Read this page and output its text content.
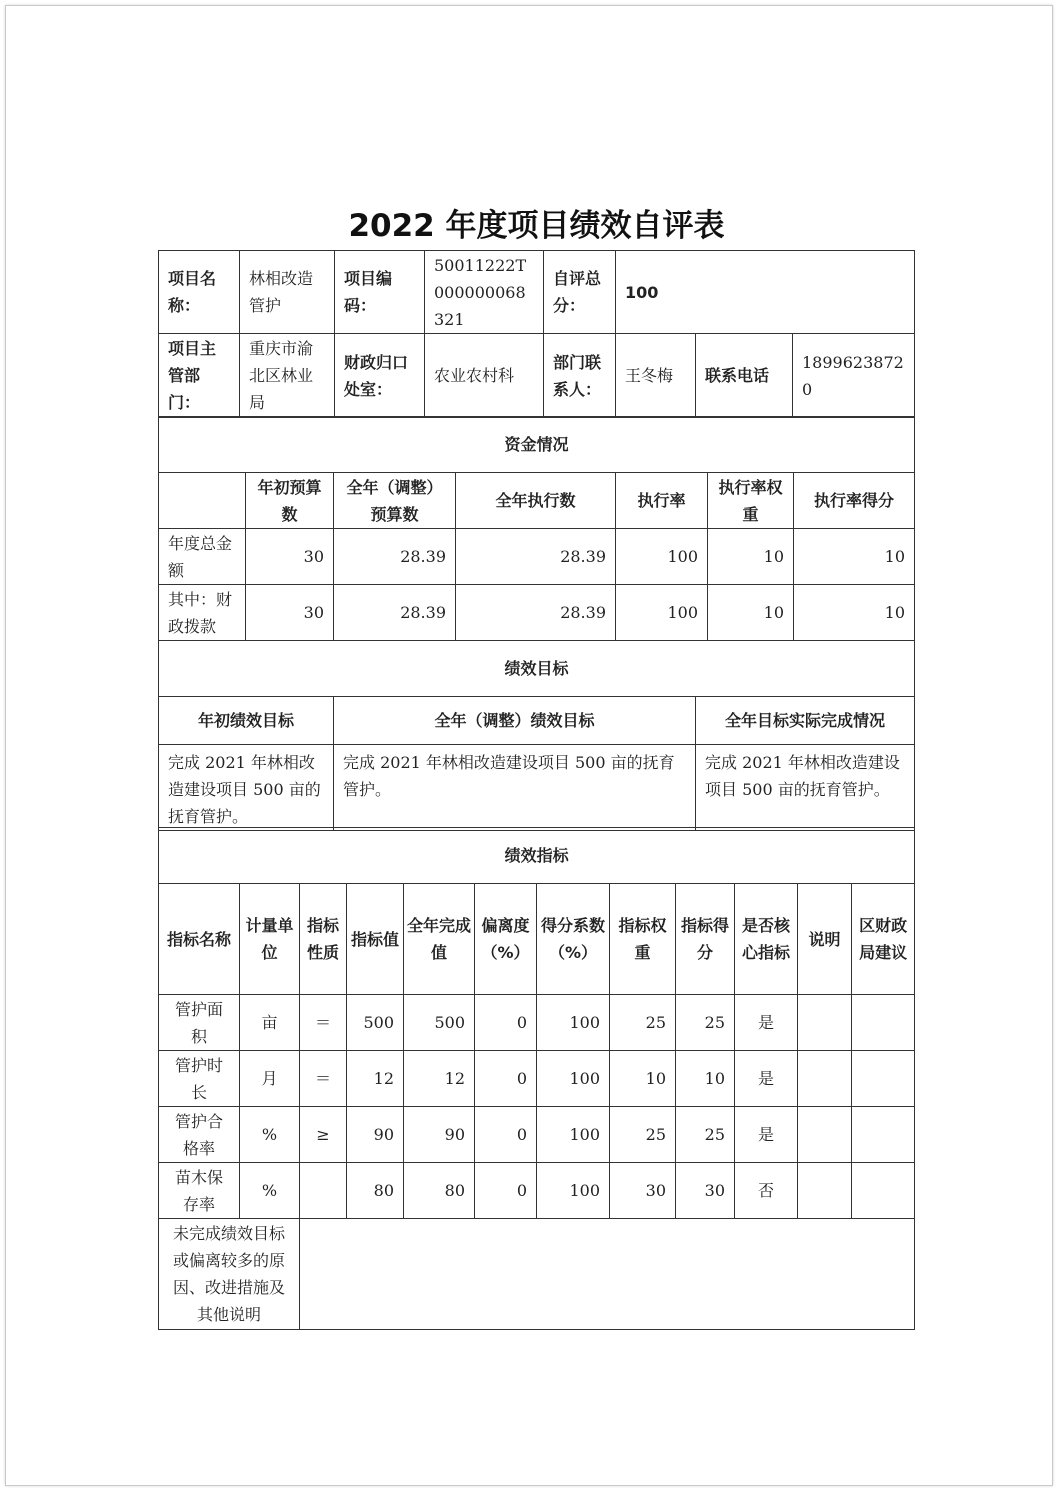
2022 年度项目绩效自评表
项目名称：	林相改造管护	项目编码：	50011222T000000068321	自评总分：	100		
项目主管部门：	重庆市渝北区林业局	财政归口处室：	农业农村科	部门联系人：	王冬梅	联系电话	18996238720
资金情况						
	年初预算数	全年（调整）预算数	全年执行数	执行率	执行率权重	执行率得分
年度总金额	30	28.39	28.39	100	10	10
其中：财政拨款	30	28.39	28.39	100	10	10
绩效目标		
年初绩效目标	全年（调整）绩效目标	全年目标实际完成情况
完成 2021 年林相改造建设项目 500 亩的抚育管护。	完成 2021 年林相改造建设项目 500 亩的抚育管护。	完成 2021 年林相改造建设项目 500 亩的抚育管护。
绩效指标											
指标名称	计量单位	指标性质	指标值	全年完成值	偏离度（%）	得分系数（%）	指标权重	指标得分	是否核心指标	说明	区财政局建议
管护面积	亩	＝	500	500	0	100	25	25	是		
管护时长	月	＝	12	12	0	100	10	10	是		
管护合格率	%	≥	90	90	0	100	25	25	是		
苗木保存率	%		80	80	0	100	30	30	否		
未完成绩效目标或偏离较多的原因、改进措施及其他说明											
